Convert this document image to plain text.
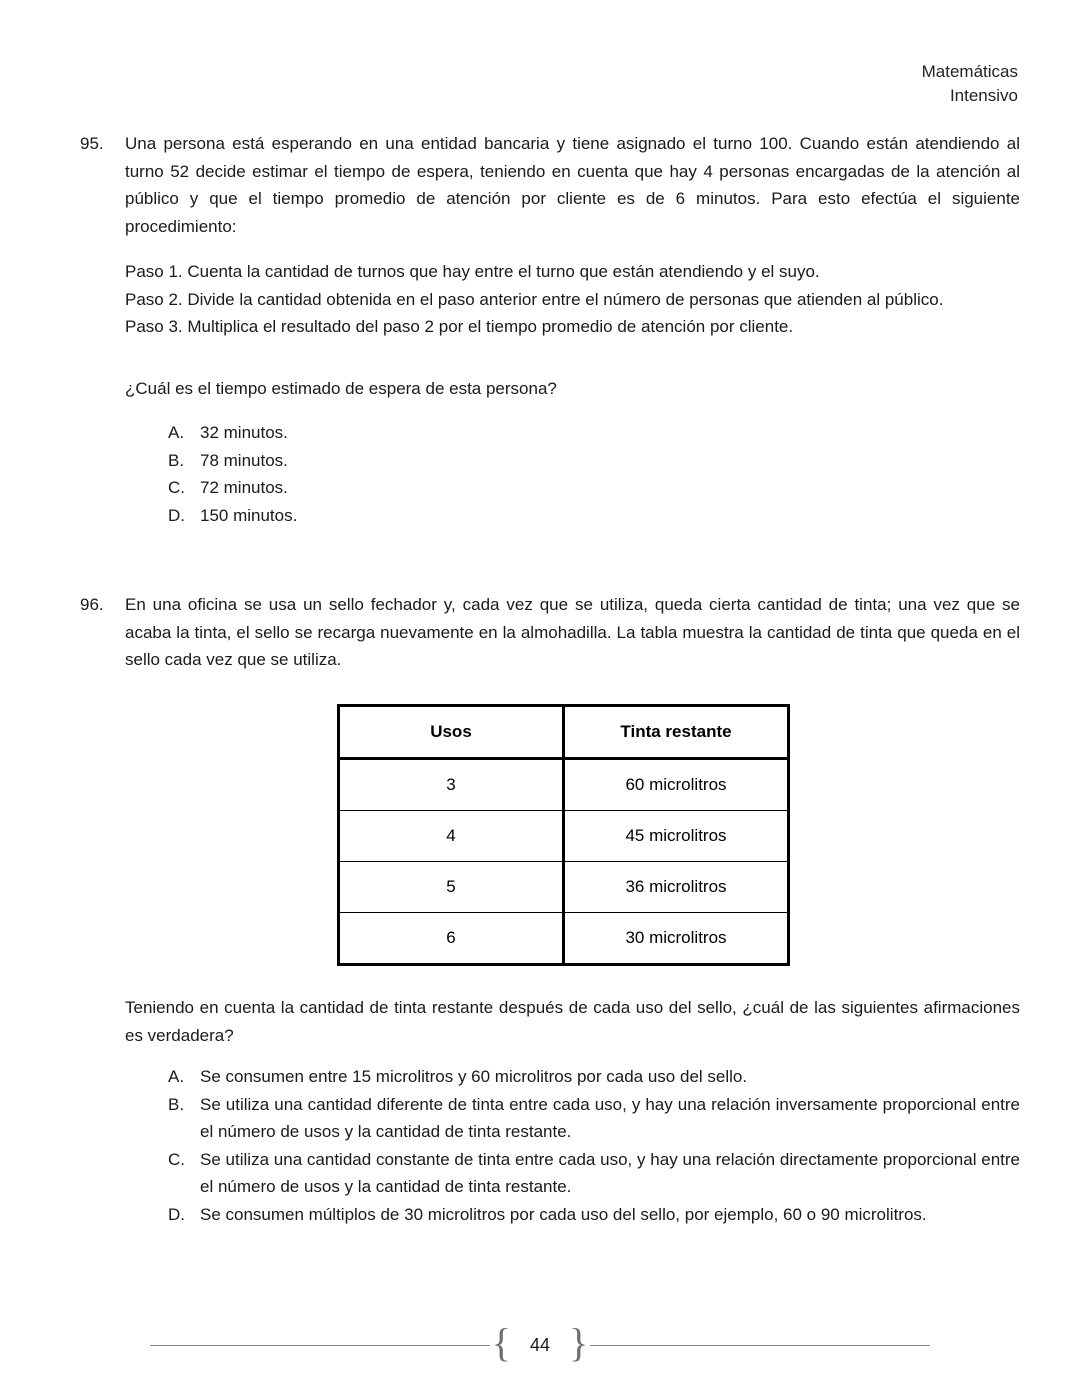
Matemáticas
Intensivo
95.	Una persona está esperando en una entidad bancaria y tiene asignado el turno 100. Cuando están atendiendo al turno 52 decide estimar el tiempo de espera, teniendo en cuenta que hay 4 personas encargadas de la atención al público y que el tiempo promedio de atención por cliente es de 6 minutos. Para esto efectúa el siguiente procedimiento:

Paso 1. Cuenta la cantidad de turnos que hay entre el turno que están atendiendo y el suyo.

Paso 2. Divide la cantidad obtenida en el paso anterior entre el número de personas que atienden al público.

Paso 3. Multiplica el resultado del paso 2 por el tiempo promedio de atención por cliente.

¿Cuál es el tiempo estimado de espera de esta persona?

A. 32 minutos.
B. 78 minutos.
C. 72 minutos.
D. 150 minutos.
96.	En una oficina se usa un sello fechador y, cada vez que se utiliza, queda cierta cantidad de tinta; una vez que se acaba la tinta, el sello se recarga nuevamente en la almohadilla. La tabla muestra la cantidad de tinta que queda en el sello cada vez que se utiliza.

Usos	Tinta restante
3	60 microlitros
4	45 microlitros
5	36 microlitros
6	30 microlitros

Teniendo en cuenta la cantidad de tinta restante después de cada uso del sello, ¿cuál de las siguientes afirmaciones es verdadera?

A. Se consumen entre 15 microlitros y 60 microlitros por cada uso del sello.
B. Se utiliza una cantidad diferente de tinta entre cada uso, y hay una relación inversamente proporcional entre el número de usos y la cantidad de tinta restante.
C. Se utiliza una cantidad constante de tinta entre cada uso, y hay una relación directamente proporcional entre el número de usos y la cantidad de tinta restante.
D. Se consumen múltiplos de 30 microlitros por cada uso del sello, por ejemplo, 60 o 90 microlitros.
{	44 }
